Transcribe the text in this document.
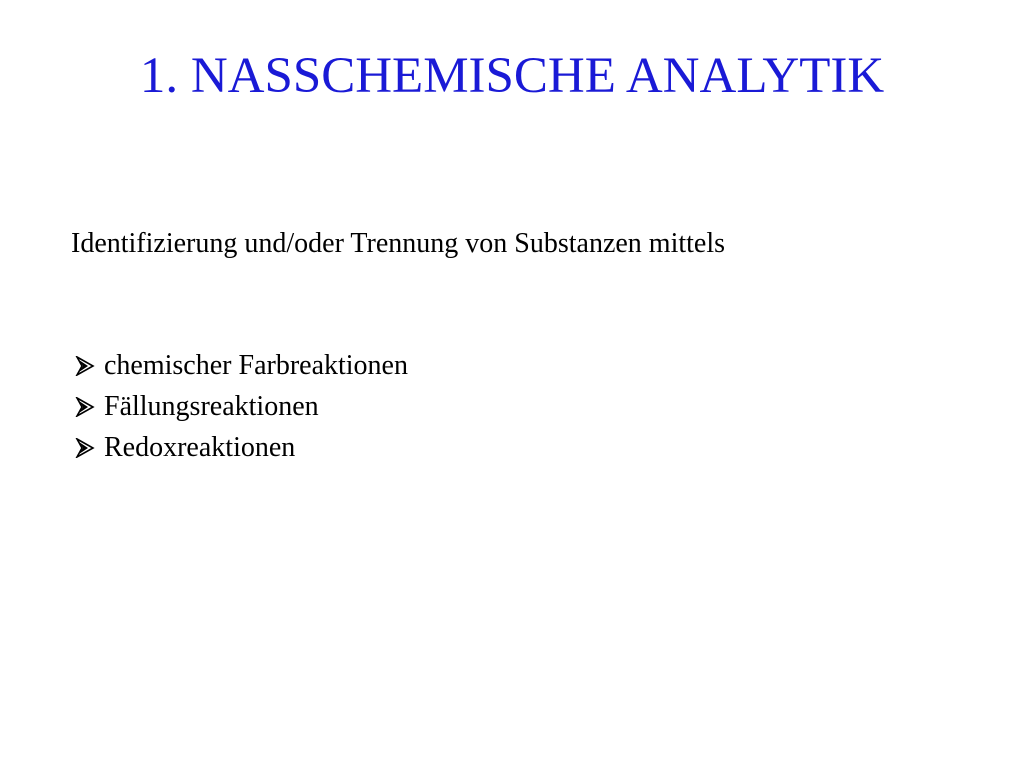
1. NASSCHEMISCHE ANALYTIK
Identifizierung und/oder Trennung von Substanzen mittels
chemischer Farbreaktionen
Fällungsreaktionen
Redoxreaktionen
